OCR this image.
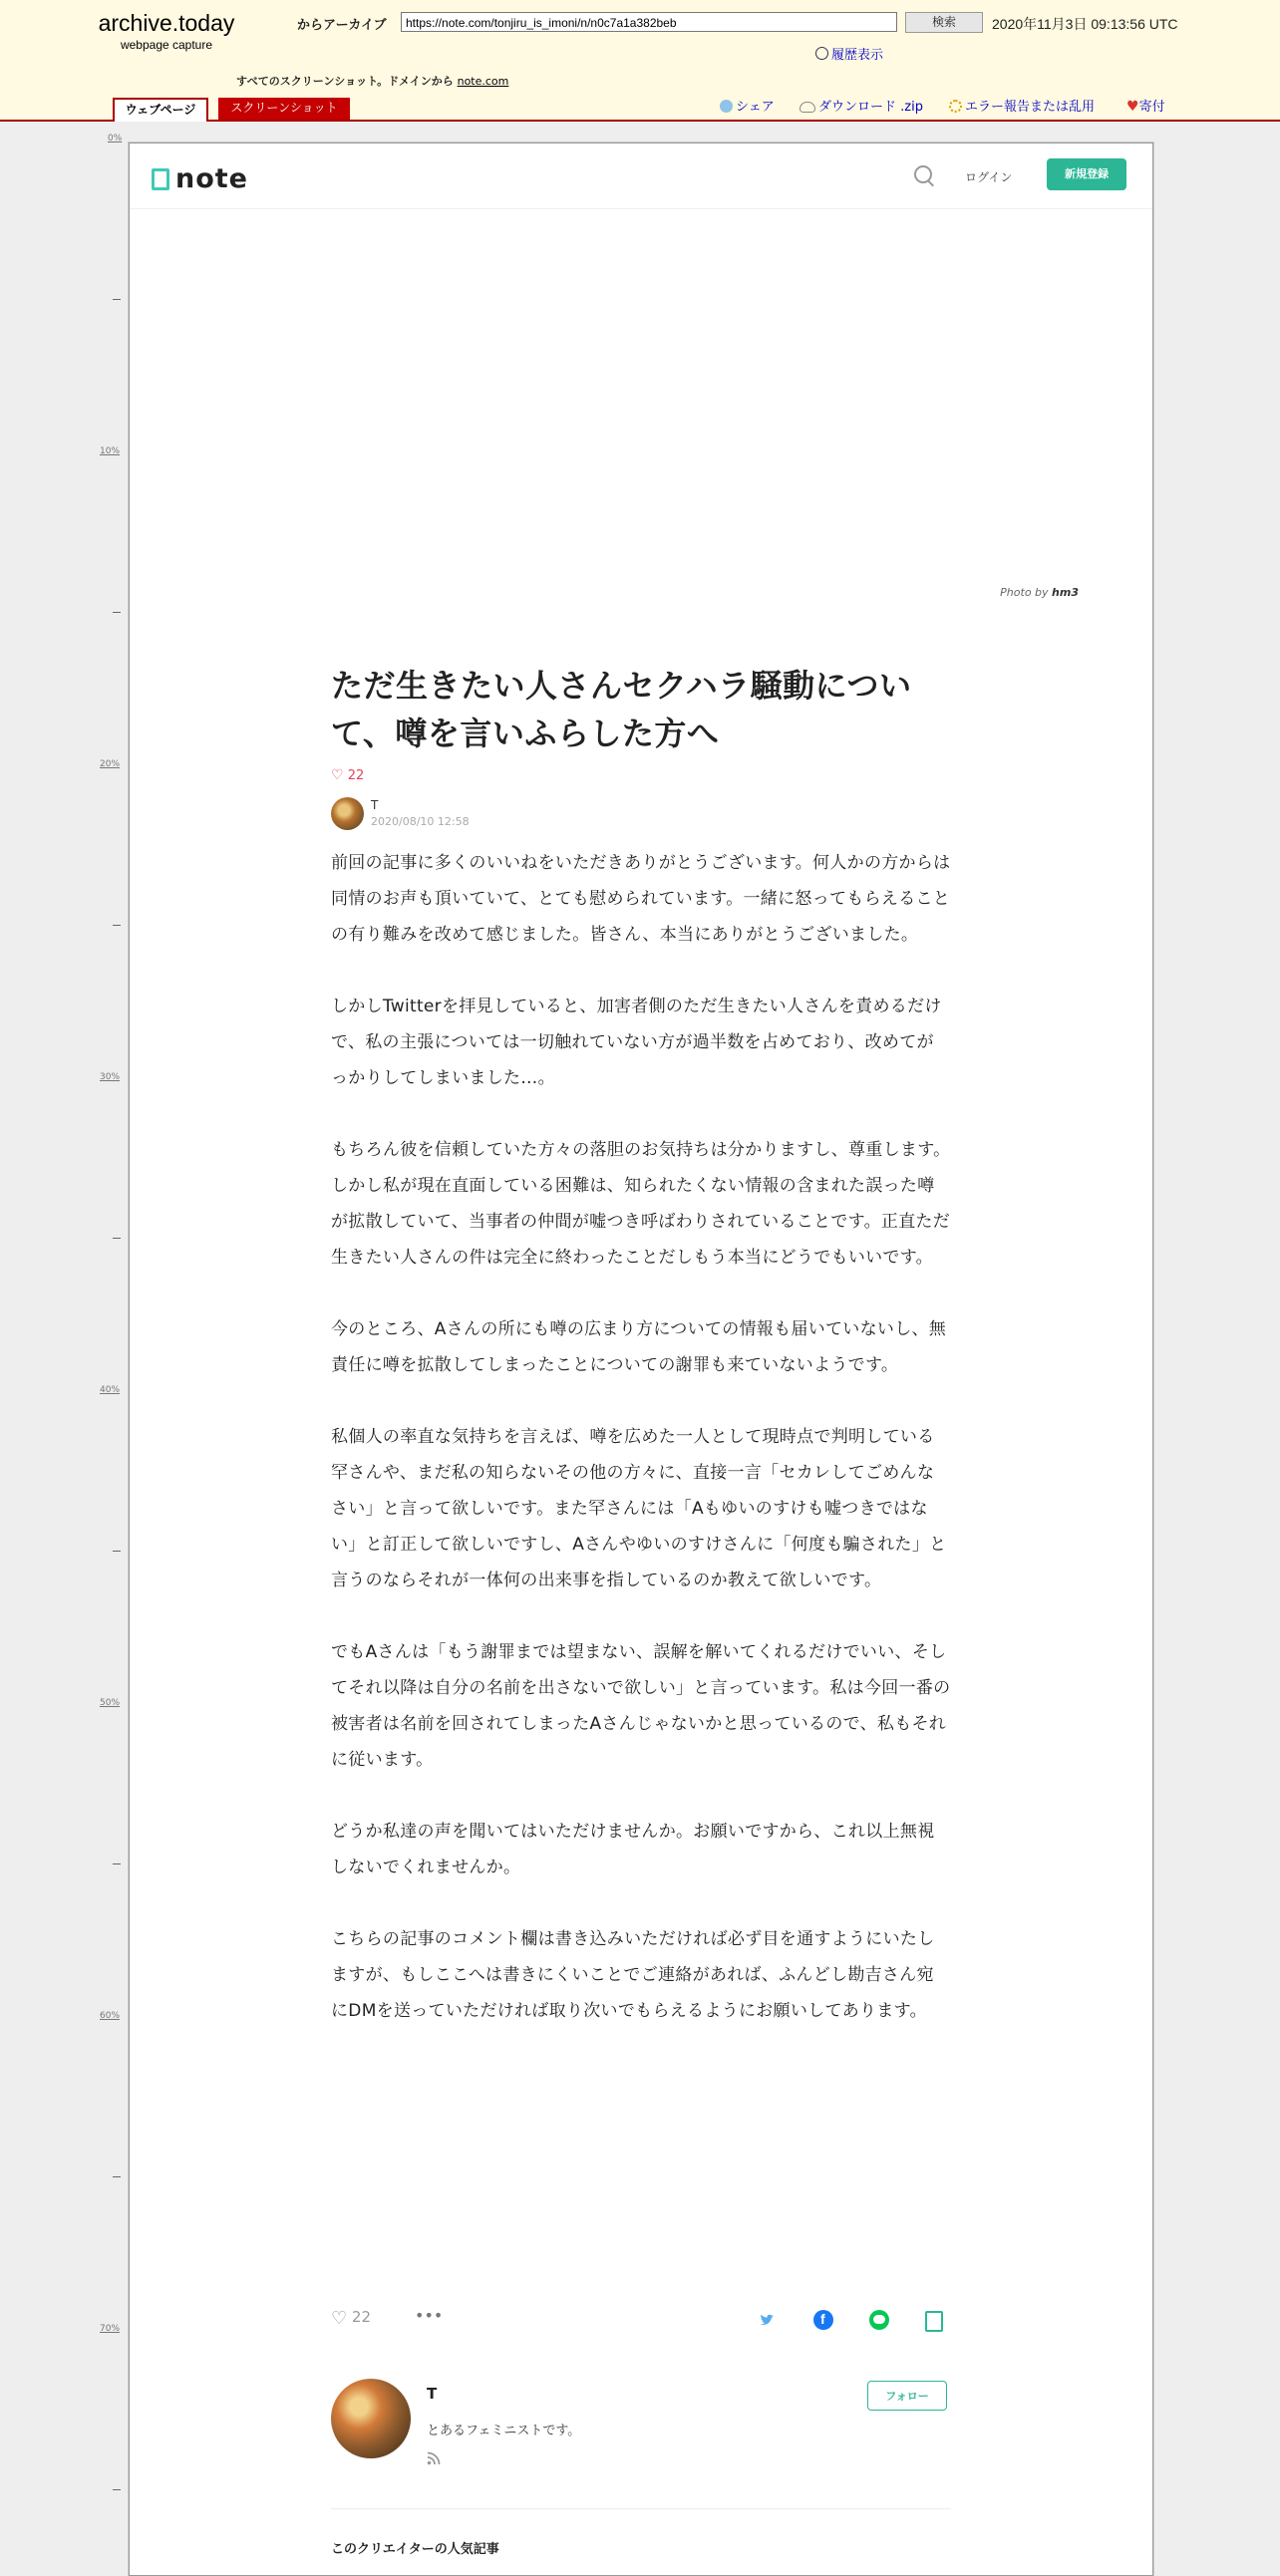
archive.today
webpage capture
からアーカイブ	https://note.com/tonjiru_is_imoni/n/n0c7a1a382beb	検索	2020年11月3日 09:13:56 UTC
履歴表示
すべてのスクリーンショット。ドメインから note.com
ウェブページ	スクリーンショット	シェア	ダウンロード .zip	エラー報告または乱用 ♥寄付
0%
10%
20%
30%
40%
50%
60%
70%
note	ログイン	新規登録
Photo by hm3
ただ生きたい人さんセクハラ騒動について、噂を言いふらした方へ
♡ 22
T
2020/08/10 12:58

前回の記事に多くのいいねをいただきありがとうございます。何人かの方からは同情のお声も頂いていて、とても慰められています。一緒に怒ってもらえることの有り難みを改めて感じました。皆さん、本当にありがとうございました。

しかしTwitterを拝見していると、加害者側のただ生きたい人さんを責めるだけで、私の主張については一切触れていない方が過半数を占めており、改めてがっかりしてしまいました…。

もちろん彼を信頼していた方々の落胆のお気持ちは分かりますし、尊重します。しかし私が現在直面している困難は、知られたくない情報の含まれた誤った噂が拡散していて、当事者の仲間が嘘つき呼ばわりされていることです。正直ただ生きたい人さんの件は完全に終わったことだしもう本当にどうでもいいです。

今のところ、Aさんの所にも噂の広まり方についての情報も届いていないし、無責任に噂を拡散してしまったことについての謝罪も来ていないようです。

私個人の率直な気持ちを言えば、噂を広めた一人として現時点で判明している罕さんや、まだ私の知らないその他の方々に、直接一言「セカレしてごめんなさい」と言って欲しいです。また罕さんには「Aもゆいのすけも嘘つきではない」と訂正して欲しいですし、Aさんやゆいのすけさんに「何度も騙された」と言うのならそれが一体何の出来事を指しているのか教えて欲しいです。

でもAさんは「もう謝罪までは望まない、誤解を解いてくれるだけでいい、そしてそれ以降は自分の名前を出さないで欲しい」と言っています。私は今回一番の被害者は名前を回されてしまったAさんじゃないかと思っているので、私もそれに従います。

どうか私達の声を聞いてはいただけませんか。お願いですから、これ以上無視しないでくれませんか。

こちらの記事のコメント欄は書き込みいただければ必ず目を通すようにいたしますが、もしここへは書きにくいことでご連絡があれば、ふんどし勘吉さん宛にDMを送っていただければ取り次いでもらえるようにお願いしてあります。

♡ 22	•••	f
T
とあるフェミニストです。
フォロー
このクリエイターの人気記事
